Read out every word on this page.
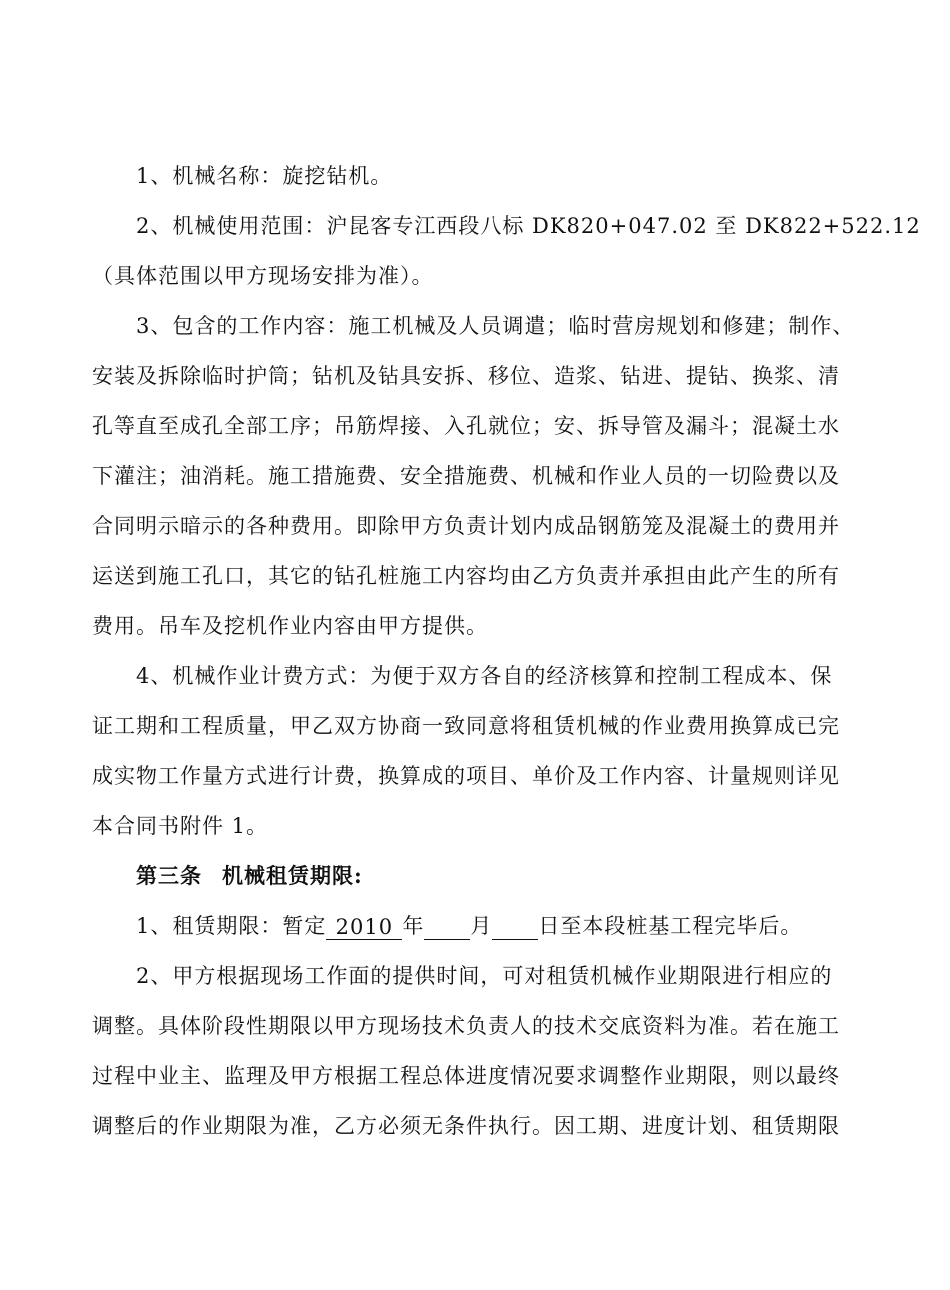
1、机械名称：旋挖钻机。
2、机械使用范围：沪昆客专江西段八标 DK820+047.02 至 DK822+522.12
（具体范围以甲方现场安排为准）。
3、包含的工作内容：施工机械及人员调遣；临时营房规划和修建；制作、
安装及拆除临时护筒；钻机及钻具安拆、移位、造浆、钻进、提钻、换浆、清
孔等直至成孔全部工序；吊筋焊接、入孔就位；安、拆导管及漏斗；混凝土水
下灌注；油消耗。施工措施费、安全措施费、机械和作业人员的一切险费以及
合同明示暗示的各种费用。即除甲方负责计划内成品钢筋笼及混凝土的费用并
运送到施工孔口，其它的钻孔桩施工内容均由乙方负责并承担由此产生的所有
费用。吊车及挖机作业内容由甲方提供。
4、机械作业计费方式：为便于双方各自的经济核算和控制工程成本、保
证工期和工程质量，甲乙双方协商一致同意将租赁机械的作业费用换算成已完
成实物工作量方式进行计费，换算成的项目、单价及工作内容、计量规则详见
本合同书附件 1。
第三条 机械租赁期限:
1、租赁期限：暂定 2010 年 月 日至本段桩基工程完毕后。
2、甲方根据现场工作面的提供时间，可对租赁机械作业期限进行相应的
调整。具体阶段性期限以甲方现场技术负责人的技术交底资料为准。若在施工
过程中业主、监理及甲方根据工程总体进度情况要求调整作业期限，则以最终
调整后的作业期限为准，乙方必须无条件执行。因工期、进度计划、租赁期限
